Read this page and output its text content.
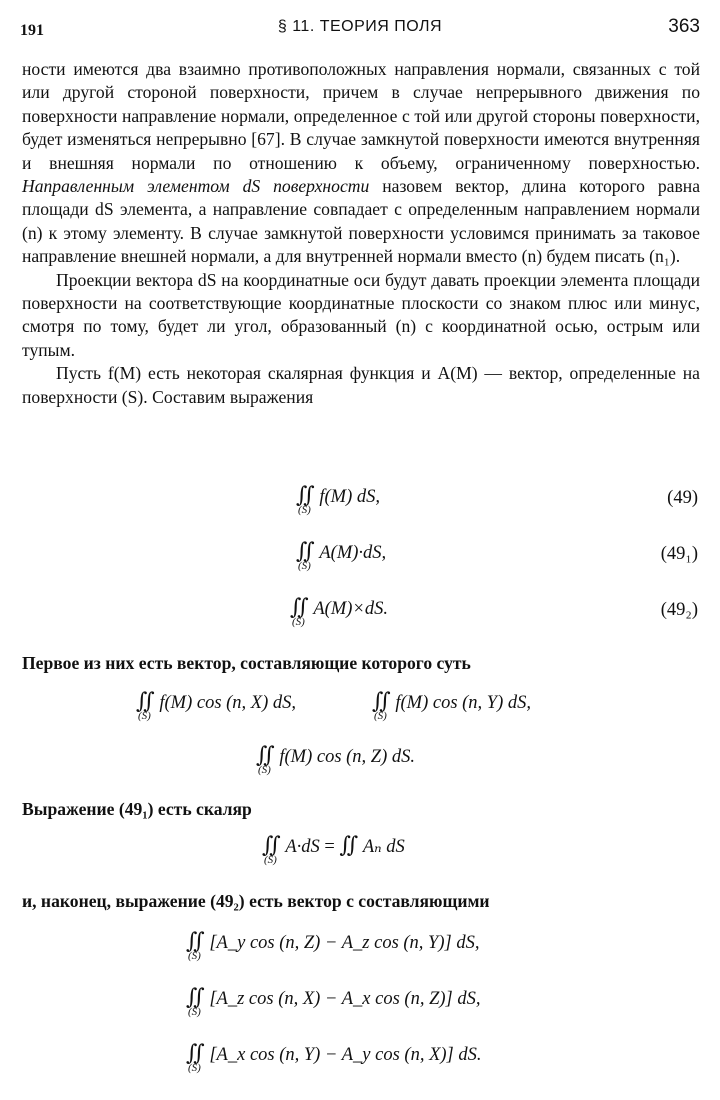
191	§ 11. ТЕОРИЯ ПОЛЯ	363

ности имеются два взаимно противоположных направления нормали, связанных с той или другой стороной поверхности, причем в случае непрерывного движения по поверхности направление нормали, определенное с той или другой стороны поверхности, будет изменяться непрерывно [67]. В случае замкнутой поверхности имеются внутренняя и внешняя нормали по отношению к объему, ограниченному поверхностью. Направленным элементом dS поверхности назовем вектор, длина которого равна площади dS элемента, а направление совпадает с определенным направлением нормали (n) к этому элементу. В случае замкнутой поверхности условимся принимать за таковое направление внешней нормали, а для внутренней нормали вместо (n) будем писать (n₁).

Проекции вектора dS на координатные оси будут давать проекции элемента площади поверхности на соответствующие координатные плоскости со знаком плюс или минус, смотря по тому, будет ли угол, образованный (n) с координатной осью, острым или тупым.

Пусть f(M) есть некоторая скалярная функция и A(M) — вектор, определенные на поверхности (S). Составим выражения

∬
(S)
f(M) dS,	(49)
∬
(S)
A(M)·dS,	(49₁)
∬
(S)
A(M)×dS.	(49₂)
Первое из них есть вектор, составляющие которого суть
∬
(S)
f(M) cos (n, X) dS,	∬
(S)
f(M) cos (n, Y) dS,
∬
(S)
f(M) cos (n, Z) dS.
Выражение (49₁) есть скаляр
∬
(S)
A·dS = ∬ Aₙ dS
и, наконец, выражение (49₂) есть вектор с составляющими
∬
(S)
[A_y cos (n, Z) − A_z cos (n, Y)] dS,
∬
(S)
[A_z cos (n, X) − A_x cos (n, Z)] dS,
∬
(S)
[A_x cos (n, Y) − A_y cos (n, X)] dS.
